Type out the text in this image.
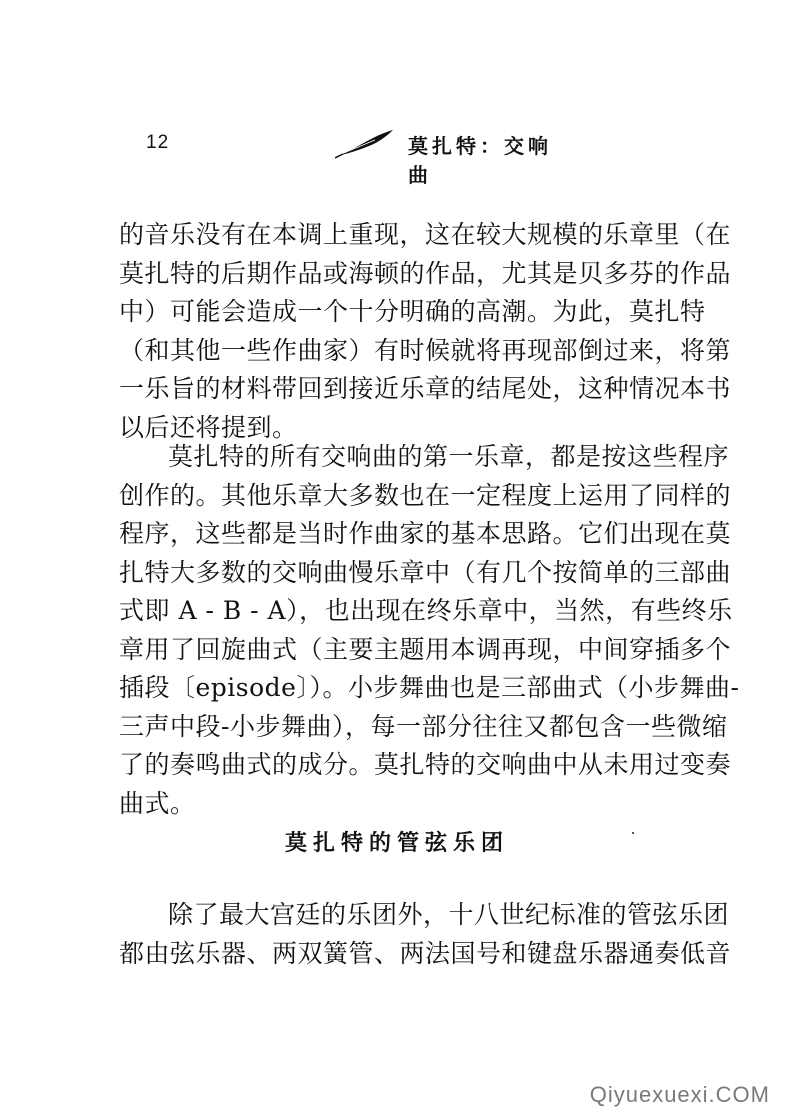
12	莫扎特：交响曲
的音乐没有在本调上重现，这在较大规模的乐章里（在
莫扎特的后期作品或海顿的作品，尤其是贝多芬的作品
中）可能会造成一个十分明确的高潮。为此，莫扎特
（和其他一些作曲家）有时候就将再现部倒过来，将第
一乐旨的材料带回到接近乐章的结尾处，这种情况本书
以后还将提到。
莫扎特的所有交响曲的第一乐章，都是按这些程序
创作的。其他乐章大多数也在一定程度上运用了同样的
程序，这些都是当时作曲家的基本思路。它们出现在莫
扎特大多数的交响曲慢乐章中（有几个按简单的三部曲
式即 A - B - A），也出现在终乐章中，当然，有些终乐
章用了回旋曲式（主要主题用本调再现，中间穿插多个
插段〔episode〕）。小步舞曲也是三部曲式（小步舞曲-
三声中段-小步舞曲），每一部分往往又都包含一些微缩
了的奏鸣曲式的成分。莫扎特的交响曲中从未用过变奏
曲式。
莫扎特的管弦乐团
除了最大宫廷的乐团外，十八世纪标准的管弦乐团
都由弦乐器、两双簧管、两法国号和键盘乐器通奏低音
Qiyuexuexi.COM
